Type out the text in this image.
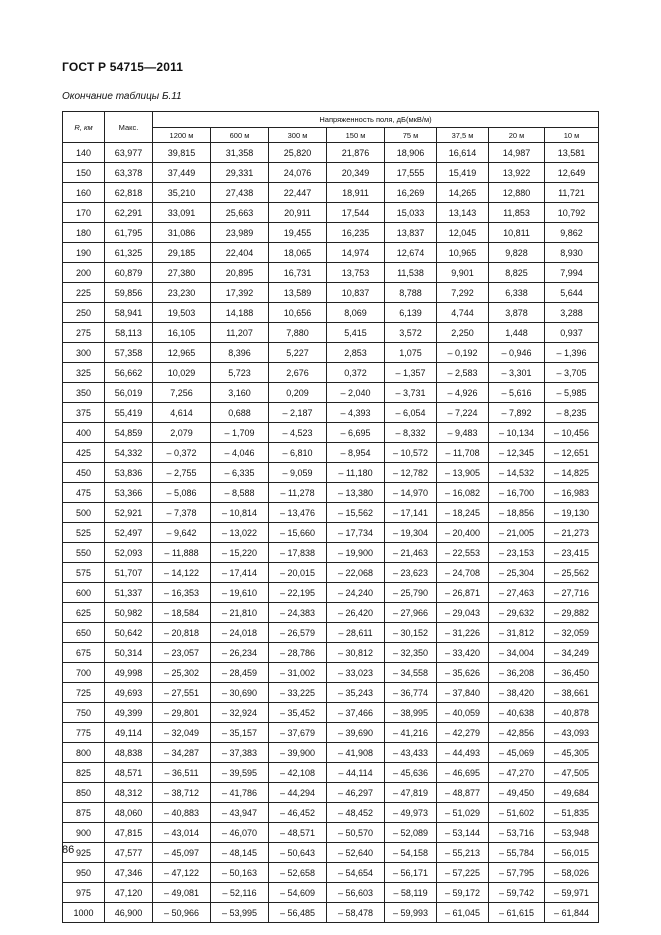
ГОСТ Р 54715—2011
Окончание таблицы Б.11
R, км	Макс.	Напряженность поля, дБ(мкВ/м)							
		1200 м	600 м	300 м	150 м	75 м	37,5 м	20 м	10 м
140	63,977	39,815	31,358	25,820	21,876	18,906	16,614	14,987	13,581
150	63,378	37,449	29,331	24,076	20,349	17,555	15,419	13,922	12,649
160	62,818	35,210	27,438	22,447	18,911	16,269	14,265	12,880	11,721
170	62,291	33,091	25,663	20,911	17,544	15,033	13,143	11,853	10,792
180	61,795	31,086	23,989	19,455	16,235	13,837	12,045	10,811	9,862
190	61,325	29,185	22,404	18,065	14,974	12,674	10,965	9,828	8,930
200	60,879	27,380	20,895	16,731	13,753	11,538	9,901	8,825	7,994
225	59,856	23,230	17,392	13,589	10,837	8,788	7,292	6,338	5,644
250	58,941	19,503	14,188	10,656	8,069	6,139	4,744	3,878	3,288
275	58,113	16,105	11,207	7,880	5,415	3,572	2,250	1,448	0,937
300	57,358	12,965	8,396	5,227	2,853	1,075	– 0,192	– 0,946	– 1,396
325	56,662	10,029	5,723	2,676	0,372	– 1,357	– 2,583	– 3,301	– 3,705
350	56,019	7,256	3,160	0,209	– 2,040	– 3,731	– 4,926	– 5,616	– 5,985
375	55,419	4,614	0,688	– 2,187	– 4,393	– 6,054	– 7,224	– 7,892	– 8,235
400	54,859	2,079	– 1,709	– 4,523	– 6,695	– 8,332	– 9,483	– 10,134	– 10,456
425	54,332	– 0,372	– 4,046	– 6,810	– 8,954	– 10,572	– 11,708	– 12,345	– 12,651
450	53,836	– 2,755	– 6,335	– 9,059	– 11,180	– 12,782	– 13,905	– 14,532	– 14,825
475	53,366	– 5,086	– 8,588	– 11,278	– 13,380	– 14,970	– 16,082	– 16,700	– 16,983
500	52,921	– 7,378	– 10,814	– 13,476	– 15,562	– 17,141	– 18,245	– 18,856	– 19,130
525	52,497	– 9,642	– 13,022	– 15,660	– 17,734	– 19,304	– 20,400	– 21,005	– 21,273
550	52,093	– 11,888	– 15,220	– 17,838	– 19,900	– 21,463	– 22,553	– 23,153	– 23,415
575	51,707	– 14,122	– 17,414	– 20,015	– 22,068	– 23,623	– 24,708	– 25,304	– 25,562
600	51,337	– 16,353	– 19,610	– 22,195	– 24,240	– 25,790	– 26,871	– 27,463	– 27,716
625	50,982	– 18,584	– 21,810	– 24,383	– 26,420	– 27,966	– 29,043	– 29,632	– 29,882
650	50,642	– 20,818	– 24,018	– 26,579	– 28,611	– 30,152	– 31,226	– 31,812	– 32,059
675	50,314	– 23,057	– 26,234	– 28,786	– 30,812	– 32,350	– 33,420	– 34,004	– 34,249
700	49,998	– 25,302	– 28,459	– 31,002	– 33,023	– 34,558	– 35,626	– 36,208	– 36,450
725	49,693	– 27,551	– 30,690	– 33,225	– 35,243	– 36,774	– 37,840	– 38,420	– 38,661
750	49,399	– 29,801	– 32,924	– 35,452	– 37,466	– 38,995	– 40,059	– 40,638	– 40,878
775	49,114	– 32,049	– 35,157	– 37,679	– 39,690	– 41,216	– 42,279	– 42,856	– 43,093
800	48,838	– 34,287	– 37,383	– 39,900	– 41,908	– 43,433	– 44,493	– 45,069	– 45,305
825	48,571	– 36,511	– 39,595	– 42,108	– 44,114	– 45,636	– 46,695	– 47,270	– 47,505
850	48,312	– 38,712	– 41,786	– 44,294	– 46,297	– 47,819	– 48,877	– 49,450	– 49,684
875	48,060	– 40,883	– 43,947	– 46,452	– 48,452	– 49,973	– 51,029	– 51,602	– 51,835
900	47,815	– 43,014	– 46,070	– 48,571	– 50,570	– 52,089	– 53,144	– 53,716	– 53,948
925	47,577	– 45,097	– 48,145	– 50,643	– 52,640	– 54,158	– 55,213	– 55,784	– 56,015
950	47,346	– 47,122	– 50,163	– 52,658	– 54,654	– 56,171	– 57,225	– 57,795	– 58,026
975	47,120	– 49,081	– 52,116	– 54,609	– 56,603	– 58,119	– 59,172	– 59,742	– 59,971
1000	46,900	– 50,966	– 53,995	– 56,485	– 58,478	– 59,993	– 61,045	– 61,615	– 61,844
86
